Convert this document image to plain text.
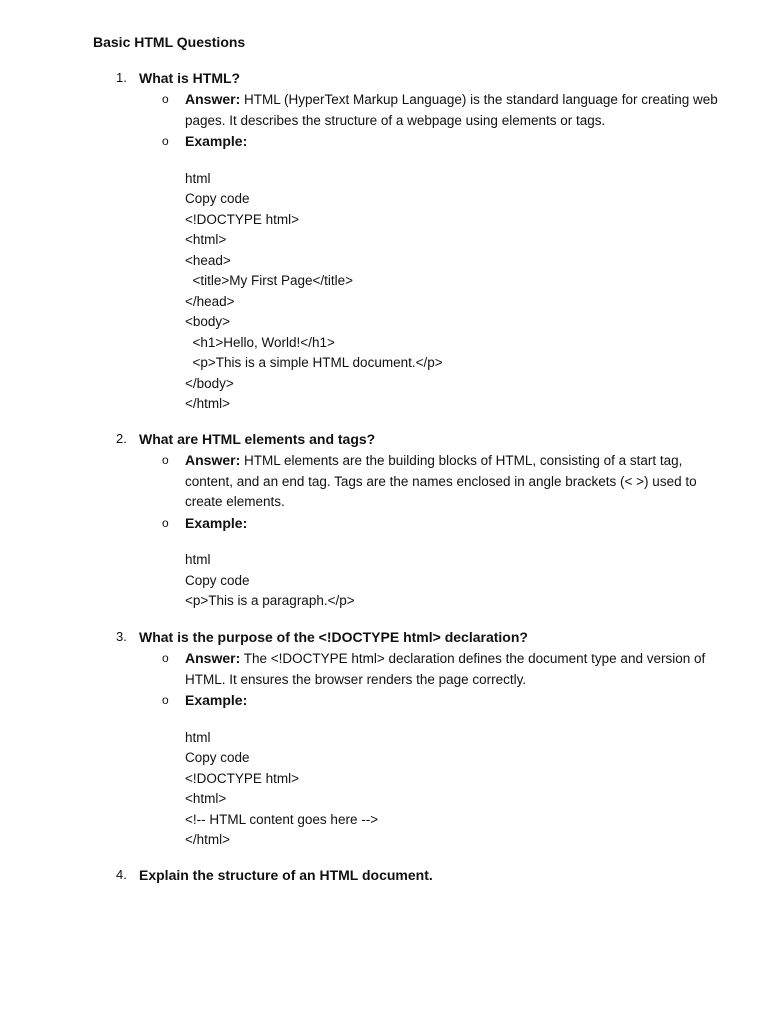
Basic HTML Questions
1. What is HTML?
o Answer: HTML (HyperText Markup Language) is the standard language for creating web pages. It describes the structure of a webpage using elements or tags.
o Example:
html
Copy code
<!DOCTYPE html>
<html>
<head>
<title>My First Page</title>
</head>
<body>
<h1>Hello, World!</h1>
<p>This is a simple HTML document.</p>
</body>
</html>
2. What are HTML elements and tags?
o Answer: HTML elements are the building blocks of HTML, consisting of a start tag, content, and an end tag. Tags are the names enclosed in angle brackets (< >) used to create elements.
o Example:
html
Copy code
<p>This is a paragraph.</p>
3. What is the purpose of the <!DOCTYPE html> declaration?
o Answer: The <!DOCTYPE html> declaration defines the document type and version of HTML. It ensures the browser renders the page correctly.
o Example:
html
Copy code
<!DOCTYPE html>
<html>
<!-- HTML content goes here -->
</html>
4. Explain the structure of an HTML document.
